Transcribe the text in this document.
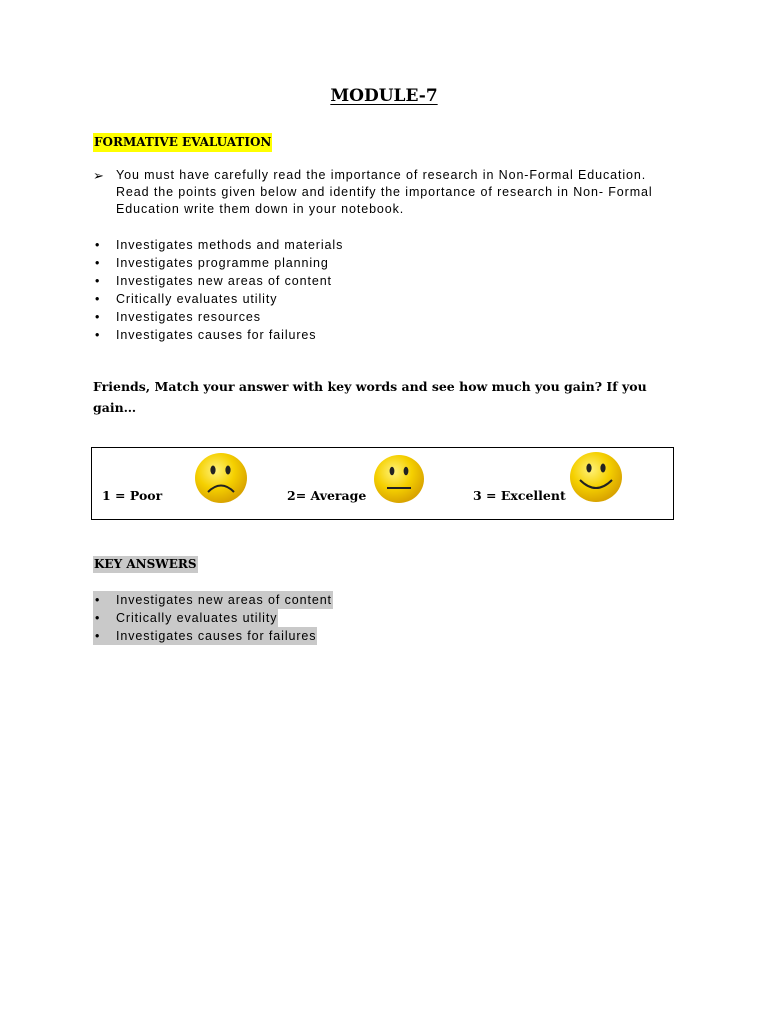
MODULE-7
FORMATIVE EVALUATION
➢ You must have carefully read the importance of research in Non-Formal Education. Read the points given below and identify the importance of research in Non- Formal Education write them down in your notebook.
• Investigates methods and materials
• Investigates programme planning
• Investigates new areas of content
• Critically evaluates utility
• Investigates resources
• Investigates causes for failures
Friends, Match your answer with key words and see how much you gain? If you gain…
1 = Poor	2= Average	3 = Excellent
KEY ANSWERS
• Investigates new areas of content
• Critically evaluates utility
• Investigates causes for failures
